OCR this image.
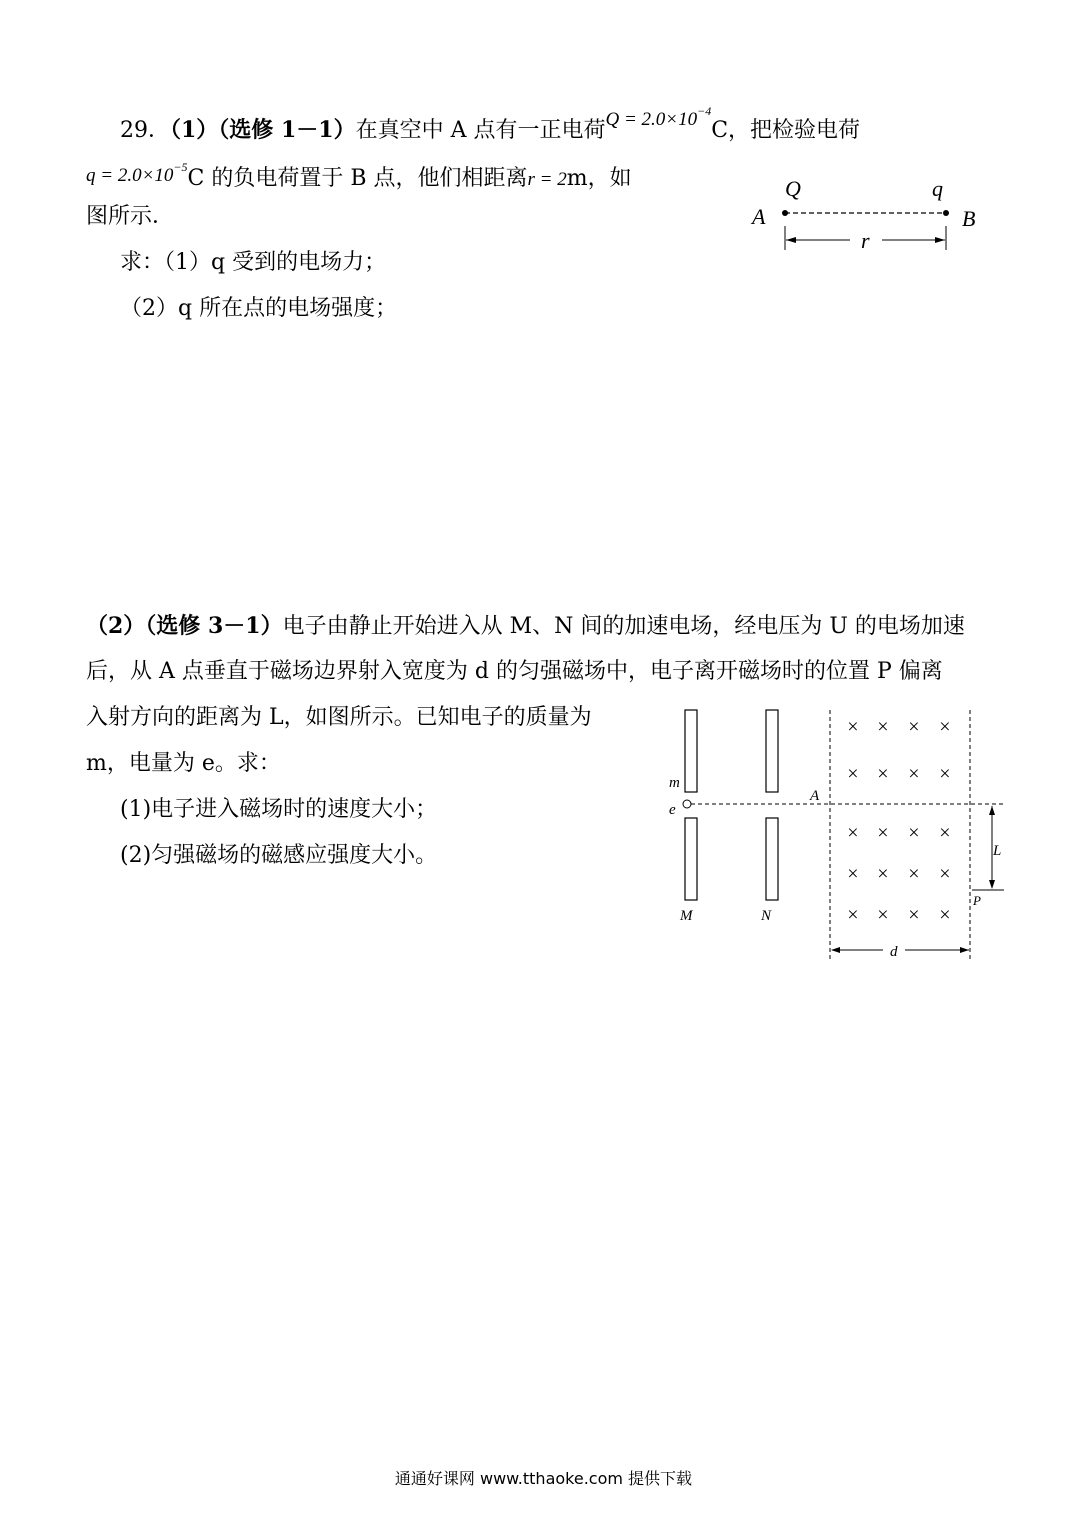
29．（1）（选修 1－1）在真空中 A 点有一正电荷$Q = 2.0\times 10^{-4}C$，把检验电荷
$q = 2.0\times 10^{-5}C$ 的负电荷置于 B 点，他们相距离r = 2m，如
图所示．
求：（1）q 受到的电场力；
（2）q 所在点的电场强度；
Q	q
A	B
r
（2）（选修 3－1）电子由静止开始进入从 M、N 间的加速电场，经电压为 U 的电场加速
后，从 A 点垂直于磁场边界射入宽度为 d 的匀强磁场中，电子离开磁场时的位置 P 偏离
入射方向的距离为 L，如图所示。已知电子的质量为
m，电量为 e。求：
(1)电子进入磁场时的速度大小；
(2)匀强磁场的磁感应强度大小。
m
e
M	N
A
× × × ×
× × × ×
× × × ×
× × × ×
× × × ×
L
P
d
通通好课网 www.tthaoke.com 提供下载
